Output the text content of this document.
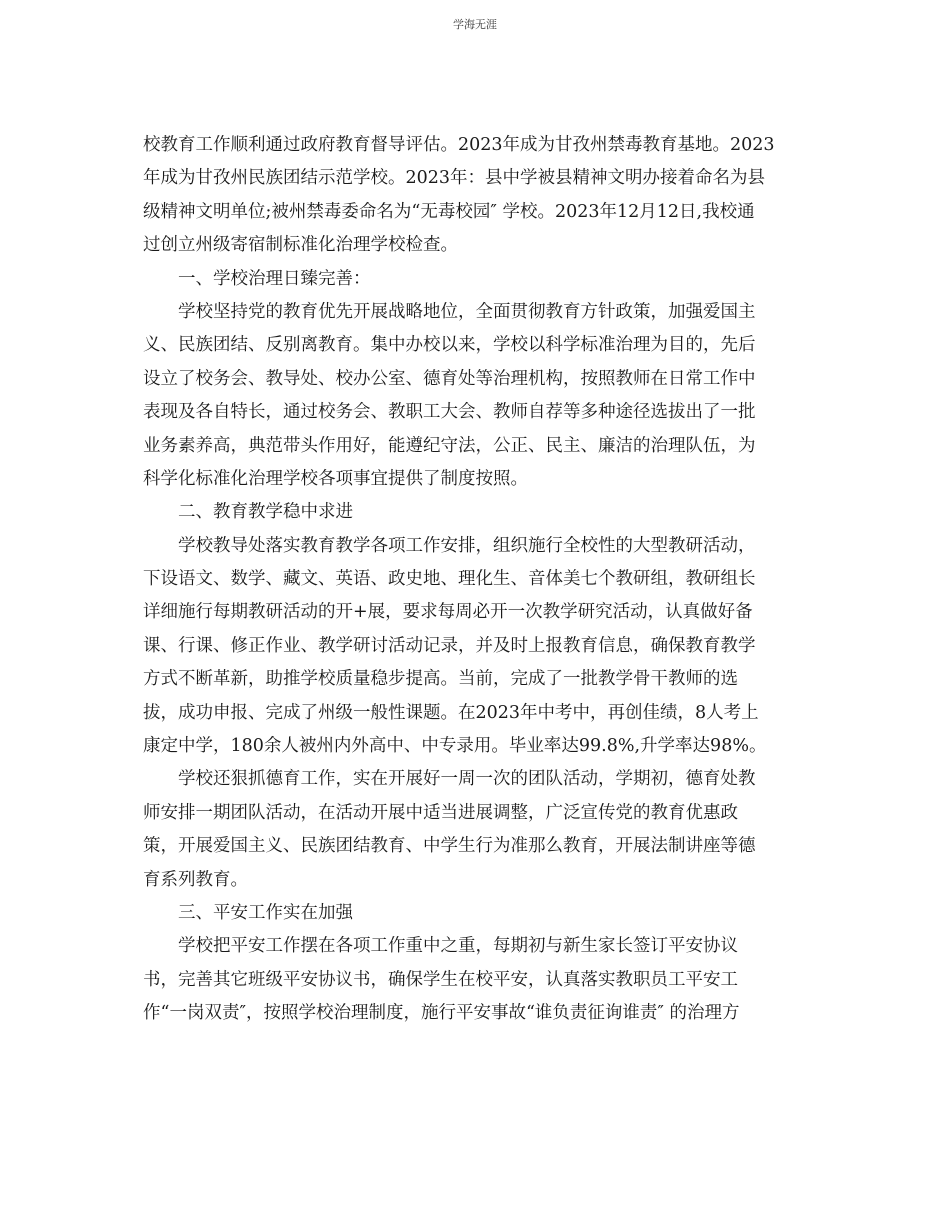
学海无涯
校教育工作顺利通过政府教育督导评估。2023年成为甘孜州禁毒教育基地。2023
年成为甘孜州民族团结示范学校。2023年：县中学被县精神文明办接着命名为县
级精神文明单位;被州禁毒委命名为“无毒校园″ 学校。2023年12月12日,我校通
过创立州级寄宿制标准化治理学校检查。
一、学校治理日臻完善：
学校坚持党的教育优先开展战略地位，全面贯彻教育方针政策，加强爱国主
义、民族团结、反别离教育。集中办校以来，学校以科学标准治理为目的，先后
设立了校务会、教导处、校办公室、德育处等治理机构，按照教师在日常工作中
表现及各自特长，通过校务会、教职工大会、教师自荐等多种途径选拔出了一批
业务素养高，典范带头作用好，能遵纪守法，公正、民主、廉洁的治理队伍，为
科学化标准化治理学校各项事宜提供了制度按照。
二、教育教学稳中求进
学校教导处落实教育教学各项工作安排，组织施行全校性的大型教研活动，
下设语文、数学、藏文、英语、政史地、理化生、音体美七个教研组，教研组长
详细施行每期教研活动的开+展，要求每周必开一次教学研究活动，认真做好备
课、行课、修正作业、教学研讨活动记录，并及时上报教育信息，确保教育教学
方式不断革新，助推学校质量稳步提高。当前，完成了一批教学骨干教师的选
拔，成功申报、完成了州级一般性课题。在2023年中考中，再创佳绩，8人考上
康定中学，180余人被州内外高中、中专录用。毕业率达99.8%,升学率达98%。
学校还狠抓德育工作，实在开展好一周一次的团队活动，学期初，德育处教
师安排一期团队活动，在活动开展中适当进展调整，广泛宣传党的教育优惠政
策，开展爱国主义、民族团结教育、中学生行为准那么教育，开展法制讲座等德
育系列教育。
三、平安工作实在加强
学校把平安工作摆在各项工作重中之重，每期初与新生家长签订平安协议
书，完善其它班级平安协议书，确保学生在校平安，认真落实教职员工平安工
作“一岗双责″，按照学校治理制度，施行平安事故“谁负责征询谁责″ 的治理方
